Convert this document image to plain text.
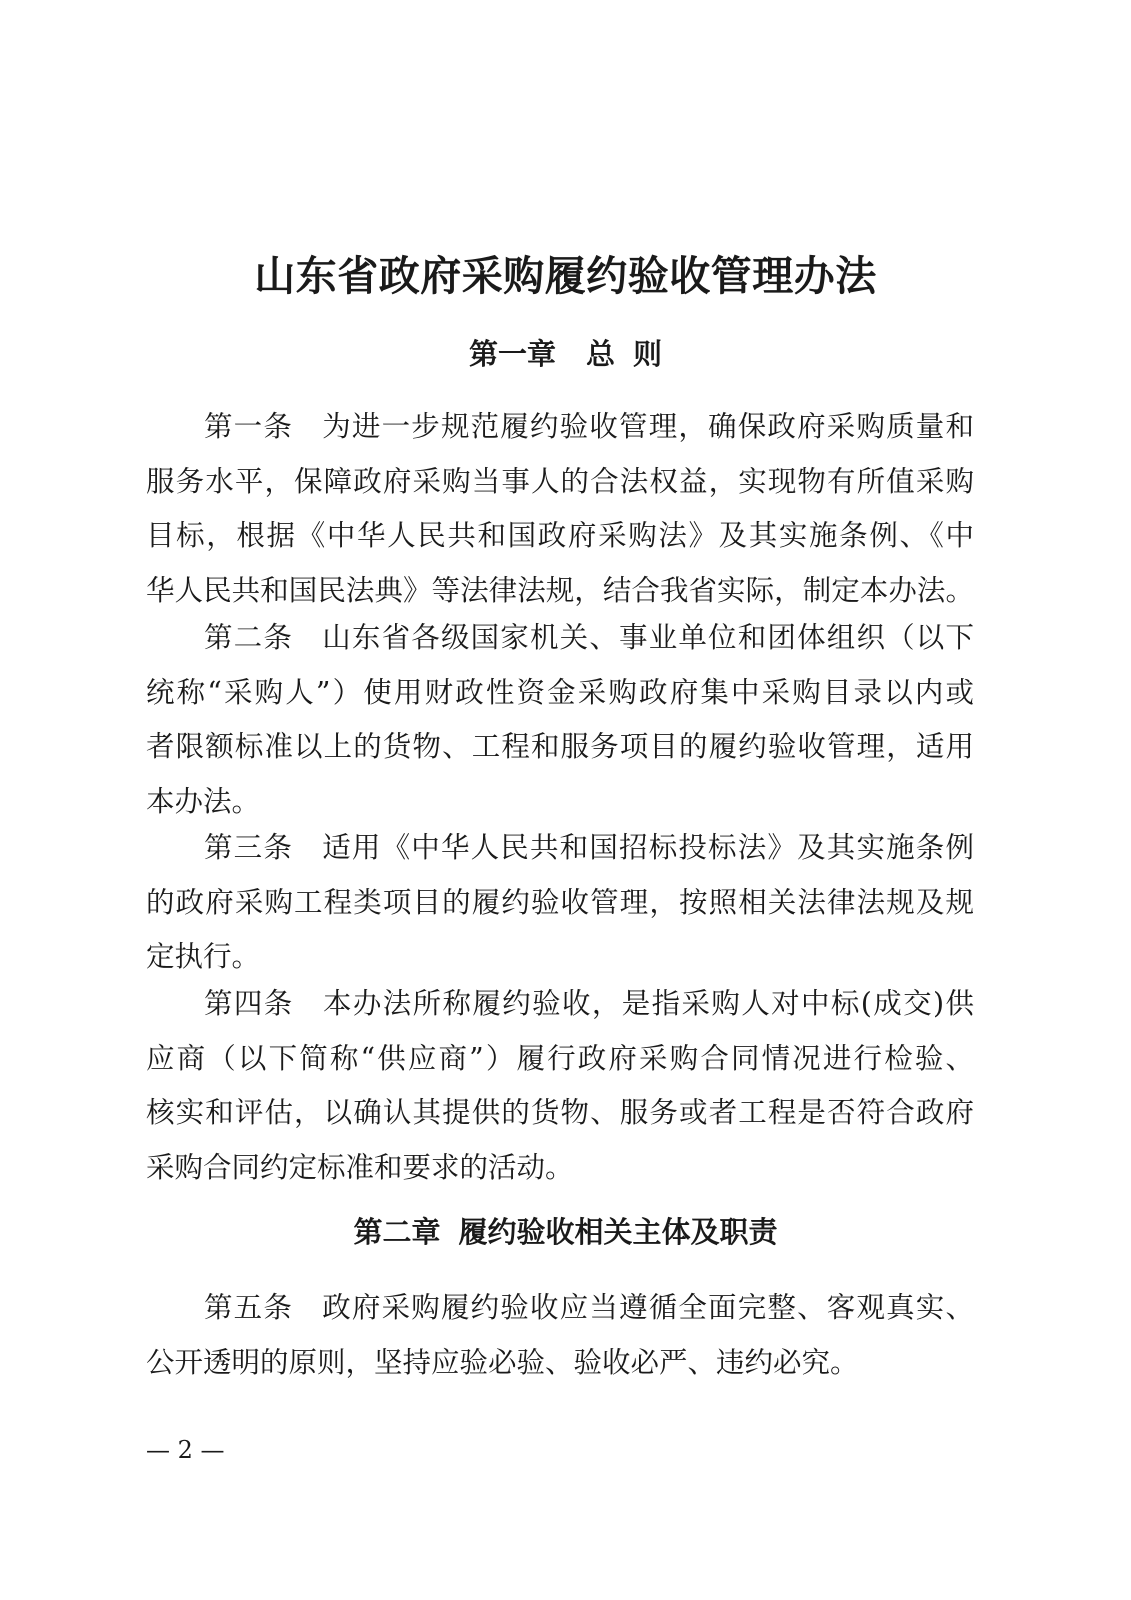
山东省政府采购履约验收管理办法
第一章 总 则
第一条 为进一步规范履约验收管理，确保政府采购质量和
服务水平，保障政府采购当事人的合法权益，实现物有所值采购
目标，根据《中华人民共和国政府采购法》及其实施条例、《中
华人民共和国民法典》等法律法规，结合我省实际，制定本办法。
第二条 山东省各级国家机关、事业单位和团体组织（以下
统称“采购人”）使用财政性资金采购政府集中采购目录以内或
者限额标准以上的货物、工程和服务项目的履约验收管理，适用
本办法。
第三条 适用《中华人民共和国招标投标法》及其实施条例
的政府采购工程类项目的履约验收管理，按照相关法律法规及规
定执行。
第四条 本办法所称履约验收，是指采购人对中标(成交)供
应商（以下简称“供应商”）履行政府采购合同情况进行检验、
核实和评估，以确认其提供的货物、服务或者工程是否符合政府
采购合同约定标准和要求的活动。
第二章 履约验收相关主体及职责
第五条 政府采购履约验收应当遵循全面完整、客观真实、
公开透明的原则，坚持应验必验、验收必严、违约必究。

— 2 —
